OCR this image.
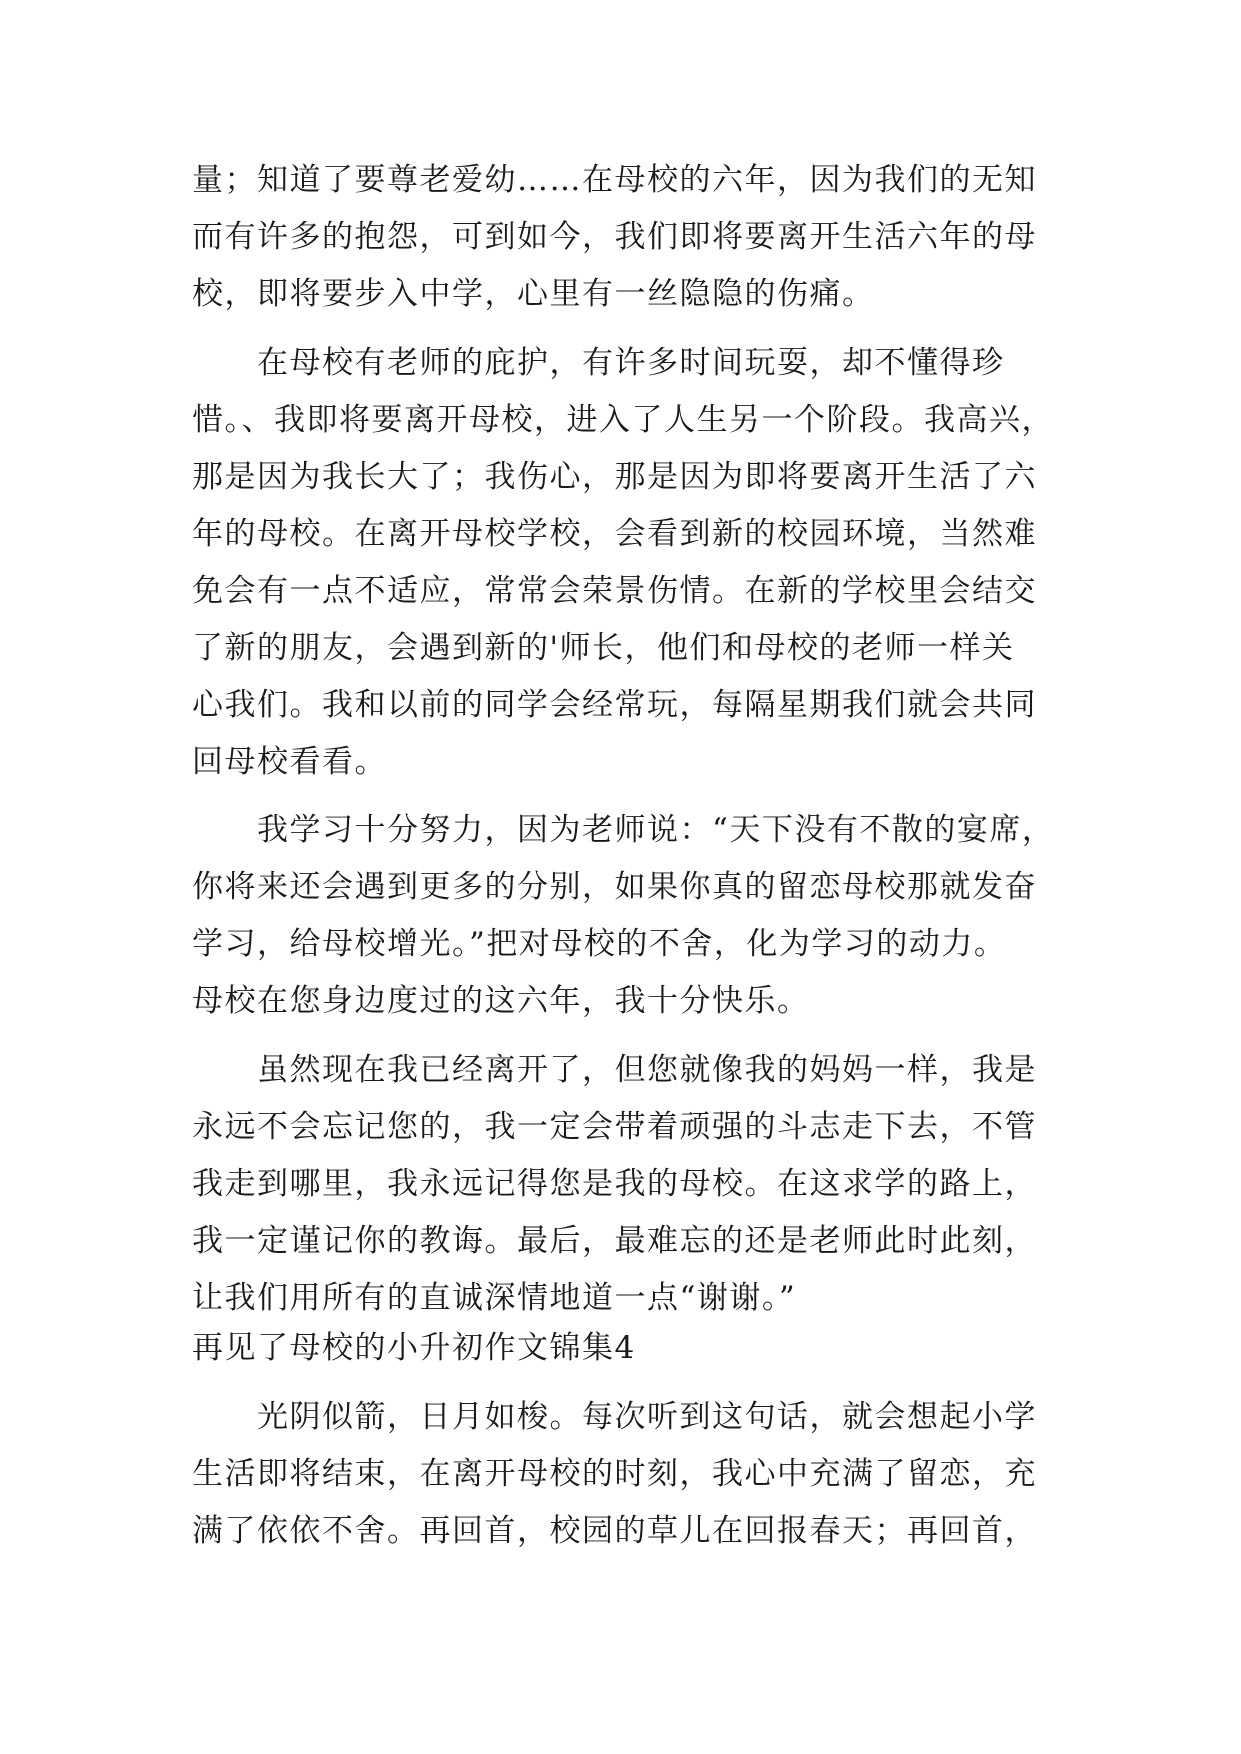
量；知道了要尊老爱幼……在母校的六年，因为我们的无知
而有许多的抱怨，可到如今，我们即将要离开生活六年的母
校，即将要步入中学，心里有一丝隐隐的伤痛。
　　在母校有老师的庇护，有许多时间玩耍，却不懂得珍
惜。、我即将要离开母校，进入了人生另一个阶段。我高兴，
那是因为我长大了；我伤心，那是因为即将要离开生活了六
年的母校。在离开母校学校，会看到新的校园环境，当然难
免会有一点不适应，常常会荣景伤情。在新的学校里会结交
了新的朋友，会遇到新的'师长，他们和母校的老师一样关
心我们。我和以前的同学会经常玩，每隔星期我们就会共同
回母校看看。
　　我学习十分努力，因为老师说：“天下没有不散的宴席，
你将来还会遇到更多的分别，如果你真的留恋母校那就发奋
学习，给母校增光。”把对母校的不舍，化为学习的动力。
母校在您身边度过的这六年，我十分快乐。
　　虽然现在我已经离开了，但您就像我的妈妈一样，我是
永远不会忘记您的，我一定会带着顽强的斗志走下去，不管
我走到哪里，我永远记得您是我的母校。在这求学的路上，
我一定谨记你的教诲。最后，最难忘的还是老师此时此刻，
让我们用所有的直诚深情地道一点“谢谢。”
再见了母校的小升初作文锦集4
　　光阴似箭，日月如梭。每次听到这句话，就会想起小学
生活即将结束，在离开母校的时刻，我心中充满了留恋，充
满了依依不舍。再回首，校园的草儿在回报春天；再回首，
